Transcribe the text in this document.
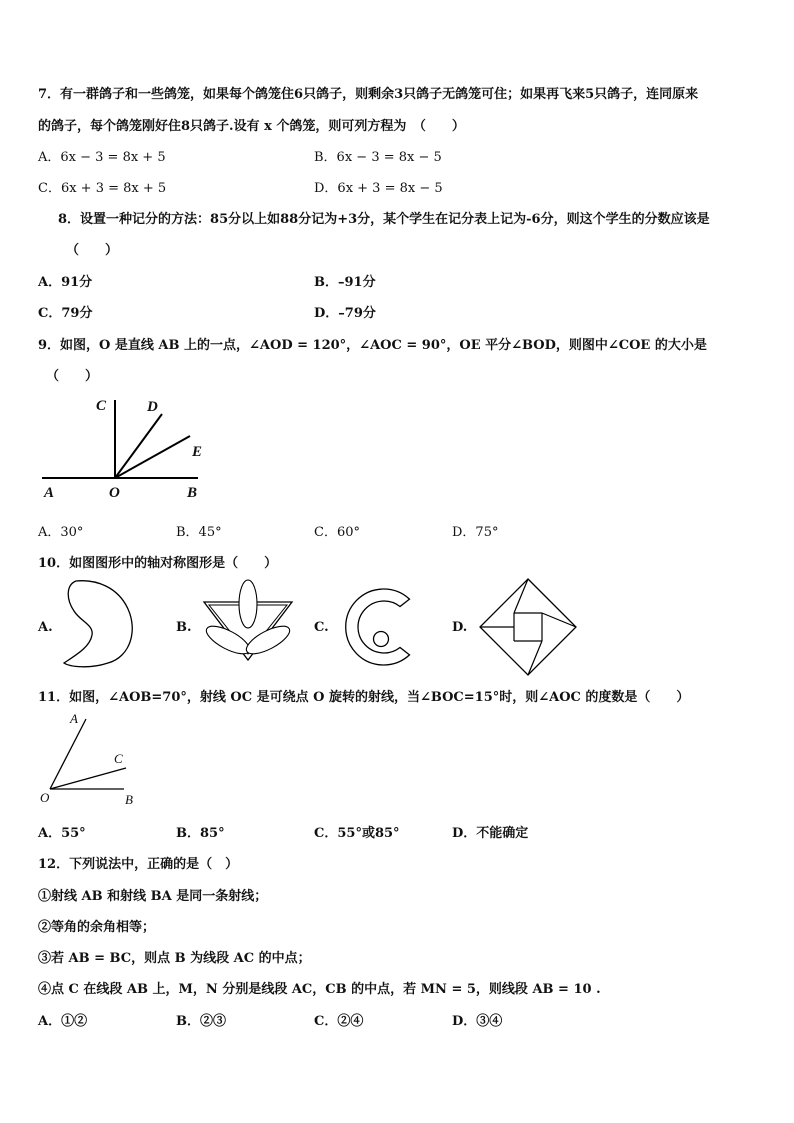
7．有一群鸽子和一些鸽笼，如果每个鸽笼住6只鸽子，则剩余3只鸽子无鸽笼可住；如果再飞来5只鸽子，连同原来
的鸽子，每个鸽笼刚好住8只鸽子.设有 x 个鸽笼，则可列方程为　（　　）
A．6x − 3 = 8x + 5	B．6x − 3 = 8x − 5
C．6x + 3 = 8x + 5	D．6x + 3 = 8x − 5
8．设置一种记分的方法：85分以上如88分记为+3分，某个学生在记分表上记为-6分，则这个学生的分数应该是
（　　）
A．91分	B．–91分
C．79分	D．–79分
9．如图，O 是直线 AB 上的一点，∠AOD = 120°，∠AOC = 90°，OE 平分∠BOD，则图中∠COE 的大小是
（　　）
C	D
E
A	O	B
A．30°	B．45°	C．60°	D．75°
10．如图图形中的轴对称图形是（　　）
A.	B.	C.	D.
11．如图，∠AOB=70°，射线 OC 是可绕点 O 旋转的射线，当∠BOC=15°时，则∠AOC 的度数是（　　）
A
C
O	B
A．55°	B．85°	C．55°或85°	D．不能确定
12．下列说法中，正确的是（　）
①射线 AB 和射线 BA 是同一条射线；
②等角的余角相等；
③若 AB = BC，则点 B 为线段 AC 的中点；
④点 C 在线段 AB 上，M，N 分别是线段 AC，CB 的中点，若 MN = 5，则线段 AB = 10 .
A．①②	B．②③	C．②④	D．③④
